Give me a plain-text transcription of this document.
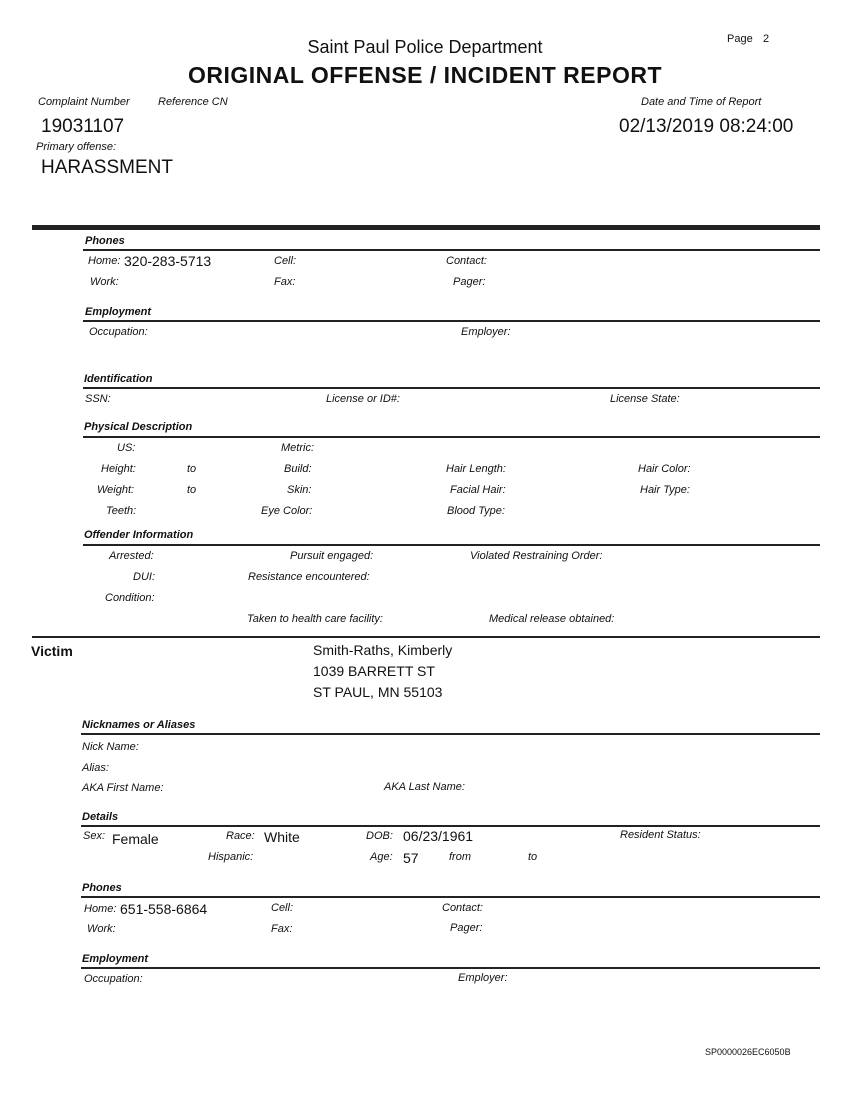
Page 2
Saint Paul Police Department
ORIGINAL OFFENSE / INCIDENT REPORT
Complaint Number	Reference CN	Date and Time of Report
19031107	02/13/2019 08:24:00
Primary offense:
HARASSMENT
Phones
Home: 320-283-5713	Cell:	Contact:
Work:	Fax:	Pager:
Employment
Occupation:	Employer:
Identification
SSN:	License or ID#:	License State:
Physical Description
US:	Metric:
Height:	to	Build:	Hair Length:	Hair Color:
Weight:	to	Skin:	Facial Hair:	Hair Type:
Teeth:	Eye Color:	Blood Type:
Offender Information
Arrested:	Pursuit engaged:	Violated Restraining Order:
DUI:	Resistance encountered:
Condition:
Taken to health care facility:	Medical release obtained:
Victim	Smith-Raths, Kimberly
1039 BARRETT ST
ST PAUL, MN 55103
Nicknames or Aliases
Nick Name:
Alias:
AKA First Name:	AKA Last Name:
Details
Sex: Female	Race: White	DOB: 06/23/1961	Resident Status:
Hispanic:	Age: 57	from	to
Phones
Home: 651-558-6864	Cell:	Contact:
Work:	Fax:	Pager:
Employment
Occupation:	Employer:
SP0000026EC6050B
